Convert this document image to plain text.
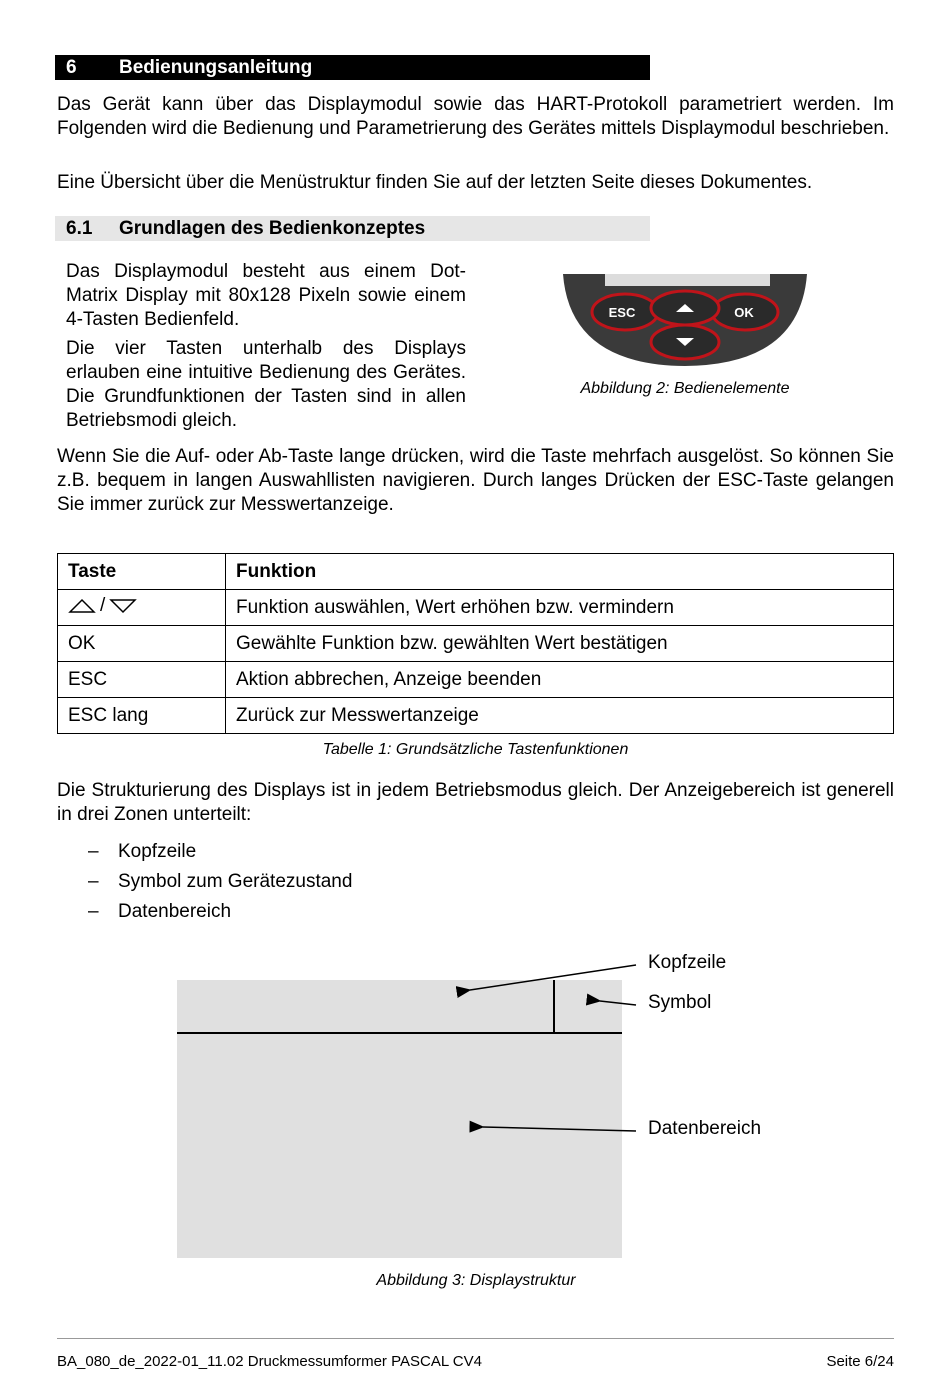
6 Bedienungsanleitung

Das Gerät kann über das Displaymodul sowie das HART-Protokoll parametriert werden. Im Folgenden wird die Bedienung und Parametrierung des Gerätes mittels Displaymodul beschrieben.

Eine Übersicht über die Menüstruktur finden Sie auf der letzten Seite dieses Dokumentes.

6.1 Grundlagen des Bedienkonzeptes

Das Displaymodul besteht aus einem Dot-Matrix Display mit 80x128 Pixeln sowie einem 4-Tasten Bedienfeld.

Die vier Tasten unterhalb des Displays erlauben eine intuitive Bedienung des Gerätes. Die Grundfunktionen der Tasten sind in allen Betriebsmodi gleich.

ESC	OK
Abbildung 2: Bedienelemente

Wenn Sie die Auf- oder Ab-Taste lange drücken, wird die Taste mehrfach ausgelöst. So können Sie z.B. bequem in langen Auswahllisten navigieren. Durch langes Drücken der ESC-Taste gelangen Sie immer zurück zur Messwertanzeige.

Taste	Funktion

/	Funktion auswählen, Wert erhöhen bzw. vermindern
OK	Gewählte Funktion bzw. gewählten Wert bestätigen
ESC	Aktion abbrechen, Anzeige beenden
ESC lang	Zurück zur Messwertanzeige
Tabelle 1: Grundsätzliche Tastenfunktionen

Die Strukturierung des Displays ist in jedem Betriebsmodus gleich. Der Anzeigebereich ist generell in drei Zonen unterteilt:

– Kopfzeile
– Symbol zum Gerätezustand
– Datenbereich
Kopfzeile
Symbol
Datenbereich
Abbildung 3: Displaystruktur
BA_080_de_2022-01_11.02 Druckmessumformer PASCAL CV4	Seite 6/24
